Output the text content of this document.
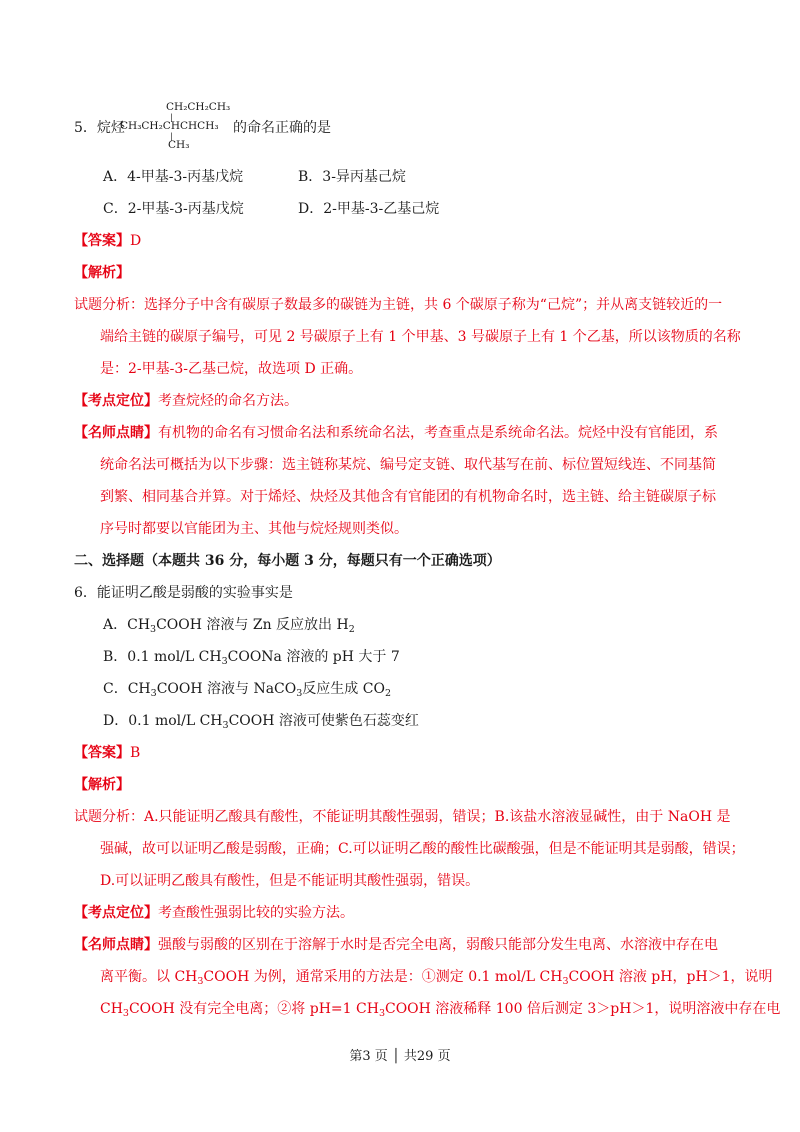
5．烷烃
CH₂CH₂CH₃
|
CH₃CH₂CHCHCH₃
|
CH₃
的命名正确的是
A．4-甲基-3-丙基戊烷	B．3-异丙基己烷
C．2-甲基-3-丙基戊烷	D．2-甲基-3-乙基己烷
【答案】D
【解析】
试题分析：选择分子中含有碳原子数最多的碳链为主链，共 6 个碳原子称为“己烷”；并从离支链较近的一
端给主链的碳原子编号，可见 2 号碳原子上有 1 个甲基、3 号碳原子上有 1 个乙基，所以该物质的名称
是：2-甲基-3-乙基己烷，故选项 D 正确。
【考点定位】考查烷烃的命名方法。
【名师点睛】有机物的命名有习惯命名法和系统命名法，考查重点是系统命名法。烷烃中没有官能团，系
统命名法可概括为以下步骤：选主链称某烷、编号定支链、取代基写在前、标位置短线连、不同基简
到繁、相同基合并算。对于烯烃、炔烃及其他含有官能团的有机物命名时，选主链、给主链碳原子标
序号时都要以官能团为主、其他与烷烃规则类似。
二、选择题（本题共 36 分，每小题 3 分，每题只有一个正确选项）
6．能证明乙酸是弱酸的实验事实是
A．$CH_3COOH$ 溶液与 Zn 反应放出 $H_2$
B．0.1 mol/L $CH_3COONa$ 溶液的 pH 大于 7
C．$CH_3COOH$ 溶液与 NaCO$_3$反应生成 $CO_2$
D．0.1 mol/L $CH_3COOH$ 溶液可使紫色石蕊变红
【答案】B
【解析】
试题分析：A.只能证明乙酸具有酸性，不能证明其酸性强弱，错误；B.该盐水溶液显碱性，由于 NaOH 是
强碱，故可以证明乙酸是弱酸，正确；C.可以证明乙酸的酸性比碳酸强，但是不能证明其是弱酸，错误；
D.可以证明乙酸具有酸性，但是不能证明其酸性强弱，错误。
【考点定位】考查酸性强弱比较的实验方法。
【名师点睛】强酸与弱酸的区别在于溶解于水时是否完全电离，弱酸只能部分发生电离、水溶液中存在电
离平衡。以 $CH_3COOH$ 为例，通常采用的方法是：①测定 0.1 mol/L $CH_3COOH$ 溶液 pH，pH＞1，说明
$CH_3COOH$ 没有完全电离；②将 pH=1 $CH_3COOH$ 溶液稀释 100 倍后测定 3＞pH＞1，说明溶液中存在电
第3 页 │ 共29 页
